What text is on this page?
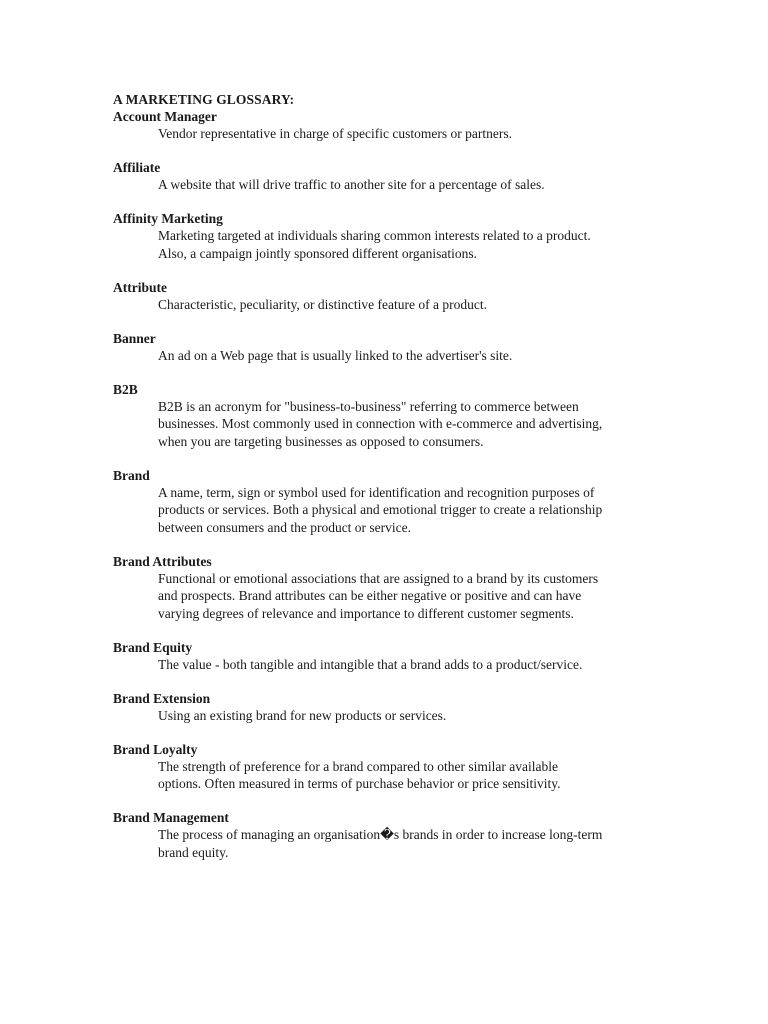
A MARKETING GLOSSARY:
Account Manager
Vendor representative in charge of specific customers or partners.
Affiliate
A website that will drive traffic to another site for a percentage of sales.
Affinity Marketing
Marketing targeted at individuals sharing common interests related to a product.
Also, a campaign jointly sponsored different organisations.
Attribute
Characteristic, peculiarity, or distinctive feature of a product.
Banner
An ad on a Web page that is usually linked to the advertiser's site.
B2B
B2B is an acronym for "business-to-business" referring to commerce between
businesses. Most commonly used in connection with e-commerce and advertising,
when you are targeting businesses as opposed to consumers.
Brand
A name, term, sign or symbol used for identification and recognition purposes of
products or services. Both a physical and emotional trigger to create a relationship
between consumers and the product or service.
Brand Attributes
Functional or emotional associations that are assigned to a brand by its customers
and prospects. Brand attributes can be either negative or positive and can have
varying degrees of relevance and importance to different customer segments.
Brand Equity
The value - both tangible and intangible that a brand adds to a product/service.
Brand Extension
Using an existing brand for new products or services.
Brand Loyalty
The strength of preference for a brand compared to other similar available
options. Often measured in terms of purchase behavior or price sensitivity.
Brand Management
The process of managing an organisation�s brands in order to increase long-term
brand equity.
